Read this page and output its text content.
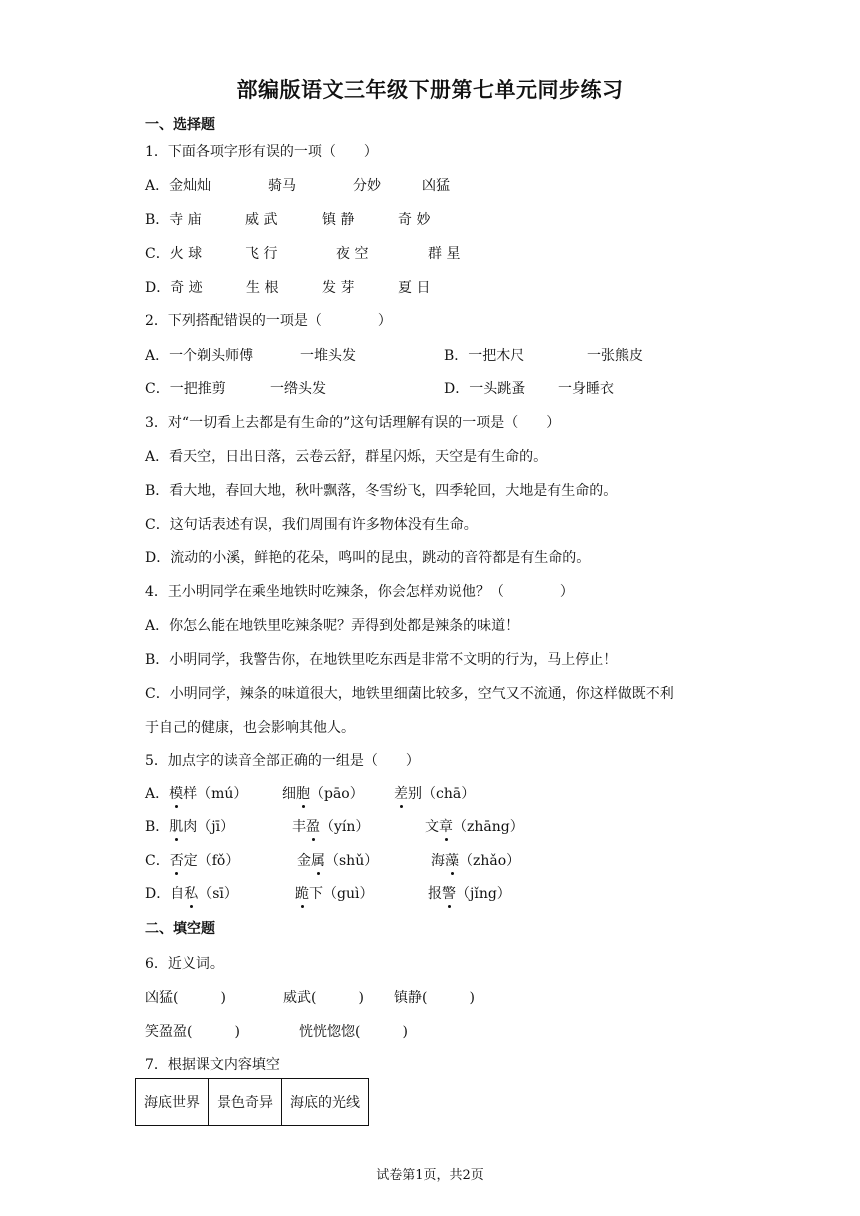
部编版语文三年级下册第七单元同步练习
一、选择题
1．下面各项字形有误的一项（　　）
A．金灿灿	骑马	分妙	凶猛
B．寺 庙	威 武	镇 静	奇 妙
C．火 球	飞 行	夜 空	群 星
D．奇 迹	生 根	发 芽	夏 日
2．下列搭配错误的一项是（　　　　）
A．一个剃头师傅	一堆头发	B．一把木尺	一张熊皮
C．一把推剪	一绺头发	D．一头跳蚤 一身睡衣
3．对“一切看上去都是有生命的”这句话理解有误的一项是（　　）
A．看天空，日出日落，云卷云舒，群星闪烁，天空是有生命的。
B．看大地，春回大地，秋叶飘落，冬雪纷飞，四季轮回，大地是有生命的。
C．这句话表述有误，我们周围有许多物体没有生命。
D．流动的小溪，鲜艳的花朵，鸣叫的昆虫，跳动的音符都是有生命的。
4．王小明同学在乘坐地铁时吃辣条，你会怎样劝说他？（　　　　）
A．你怎么能在地铁里吃辣条呢？弄得到处都是辣条的味道！
B．小明同学，我警告你，在地铁里吃东西是非常不文明的行为，马上停止！
C．小明同学，辣条的味道很大，地铁里细菌比较多，空气又不流通，你这样做既不利
于自己的健康，也会影响其他人。
5．加点字的读音全部正确的一组是（　　）
A．模样（mú） 细胞（pāo） 差别（chā）
B．肌肉（jī）	丰盈（yín）	文章（zhāng）
C．否定（fǒ）	金属（shǔ）	海藻（zhǎo）
D．自私（sī）	跪下（guì）	报警（jǐng）
二、填空题
6．近义词。
凶猛(　　　)	威武(　　　) 镇静(　　　)
笑盈盈(　　　)	恍恍惚惚(　　　)
7．根据课文内容填空
海底世界	景色奇异	海底的光线
试卷第1页，共2页
